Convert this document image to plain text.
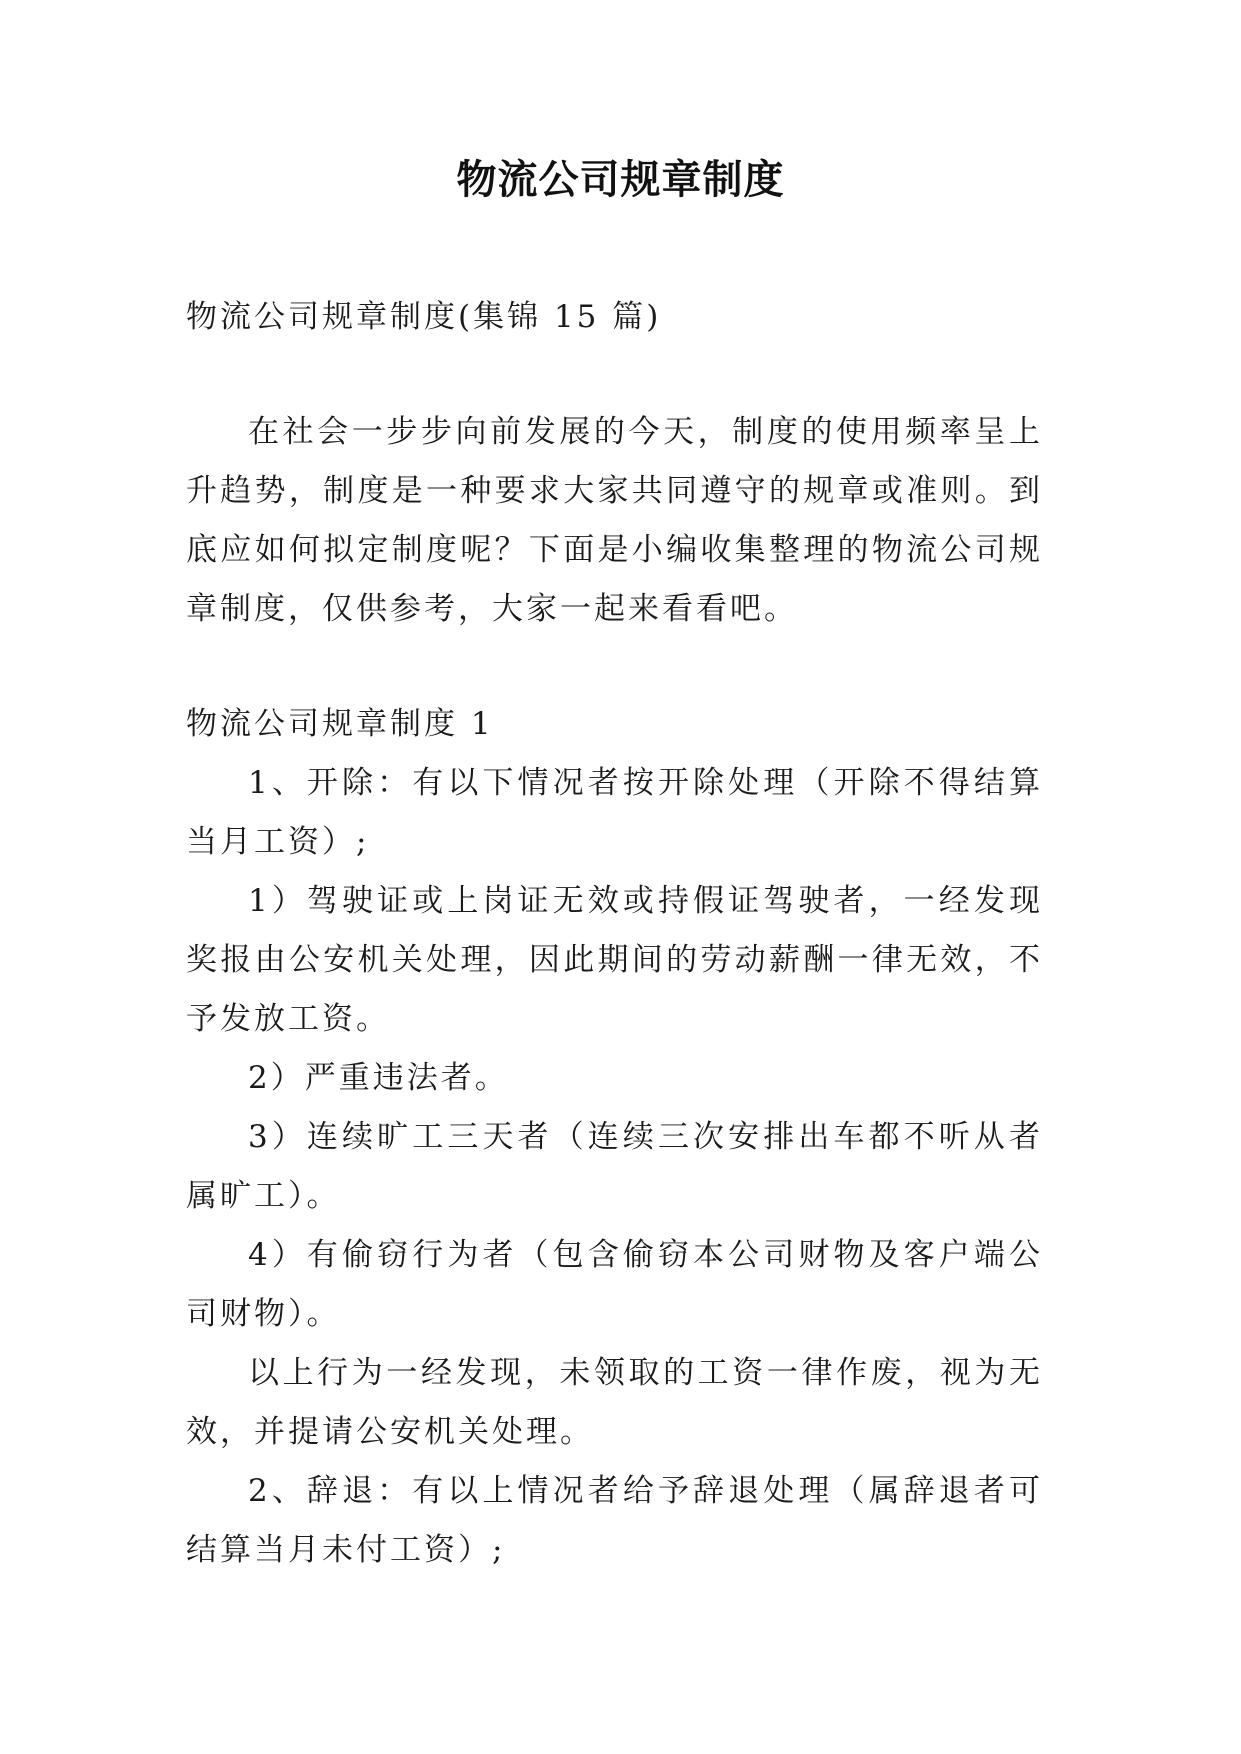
物流公司规章制度

物流公司规章制度(集锦 15 篇)

在社会一步步向前发展的今天，制度的使用频率呈上升趋势，制度是一种要求大家共同遵守的规章或准则。到底应如何拟定制度呢？下面是小编收集整理的物流公司规章制度，仅供参考，大家一起来看看吧。

物流公司规章制度 1

1、开除：有以下情况者按开除处理（开除不得结算当月工资）;

1）驾驶证或上岗证无效或持假证驾驶者，一经发现奖报由公安机关处理，因此期间的劳动薪酬一律无效，不予发放工资。

2）严重违法者。

3）连续旷工三天者（连续三次安排出车都不听从者属旷工）。

4）有偷窃行为者（包含偷窃本公司财物及客户端公司财物）。

以上行为一经发现，未领取的工资一律作废，视为无效，并提请公安机关处理。

2、辞退：有以上情况者给予辞退处理（属辞退者可结算当月未付工资）;
